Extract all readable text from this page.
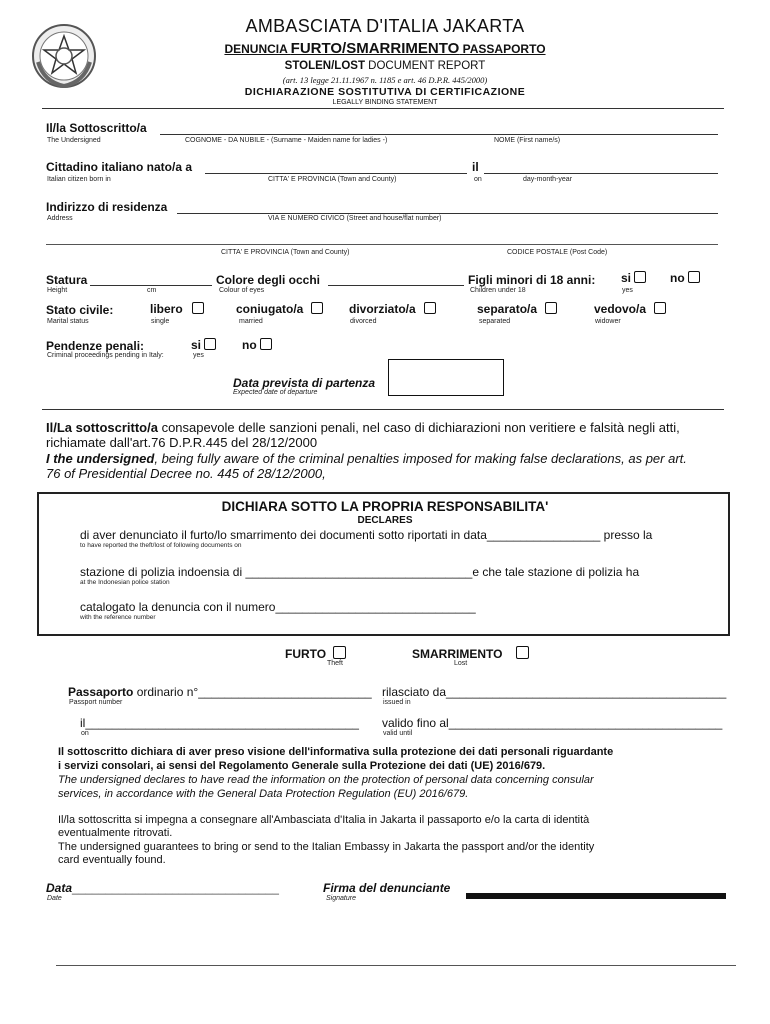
AMBASCIATA D'ITALIA JAKARTA
DENUNCIA FURTO/SMARRIMENTO PASSAPORTO
STOLEN/LOST DOCUMENT REPORT
(art. 13 legge 21.11.1967 n. 1185 e art. 46 D.P.R. 445/2000)
DICHIARAZIONE SOSTITUTIVA DI CERTIFICAZIONE
LEGALLY BINDING STATEMENT
Il/la Sottoscritto/a
The Undersigned	COGNOME - DA NUBILE - (Surname - Maiden name for ladies -)	NOME (First name/s)
Cittadino italiano nato/a a	il
Italian citizen born in	CITTA' E PROVINCIA (Town and County)	on	day-month-year
Indirizzo di residenza
Address	VIA E NUMERO CIVICO (Street and house/flat number)
CITTA' E PROVINCIA (Town and County)	CODICE POSTALE (Post Code)
Statura	Colore degli occhi	Figli minori di 18 anni: si	no
Height	cm	Colour of eyes	Children under 18	yes
Stato civile:	libero	coniugato/a	divorziato/a	separato/a	vedovo/a
Marital status	single	married	divorced	separated	widower
Pendenze penali:	si	no
Criminal proceedings pending in Italy:	yes
Data prevista di partenza
Expected date of departure
Il/La sottoscritto/a consapevole delle sanzioni penali, nel caso di dichiarazioni non veritiere e falsità negli atti,
richiamate dall'art.76 D.P.R.445 del 28/12/2000
I the undersigned, being fully aware of the criminal penalties imposed for making false declarations, as per art.
76 of Presidential Decree no. 445 of 28/12/2000,
DICHIARA SOTTO LA PROPRIA RESPONSABILITA'
DECLARES
di aver denunciato il furto/lo smarrimento dei documenti sotto riportati in data_________________ presso la
to have reported the theft/lost of following documents on
stazione di polizia indoensia di __________________________________e che tale stazione di polizia ha
at the Indonesian police station
catalogato la denuncia con il numero______________________________
with the reference number
FURTO
Theft
SMARRIMENTO
Lost
Passaporto ordinario n°__________________________
Passport number
rilasciato da__________________________________________
issued in
il_________________________________________
on
valido fino al_________________________________________
valid until
Il sottoscritto dichiara di aver preso visione dell'informativa sulla protezione dei dati personali riguardante
i servizi consolari, ai sensi del Regolamento Generale sulla Protezione dei dati (UE) 2016/679.
The undersigned declares to have read the information on the protection of personal data concerning consular
services, in accordance with the General Data Protection Regulation (EU) 2016/679.
Il/la sottoscritta si impegna a consegnare all'Ambasciata d'Italia in Jakarta il passaporto e/o la carta di identità
eventualmente ritrovati.
The undersigned guarantees to bring or send to the Italian Embassy in Jakarta the passport and/or the identity
card eventually found.
Data_______________________________
Date
Firma del denunciante
Signature
